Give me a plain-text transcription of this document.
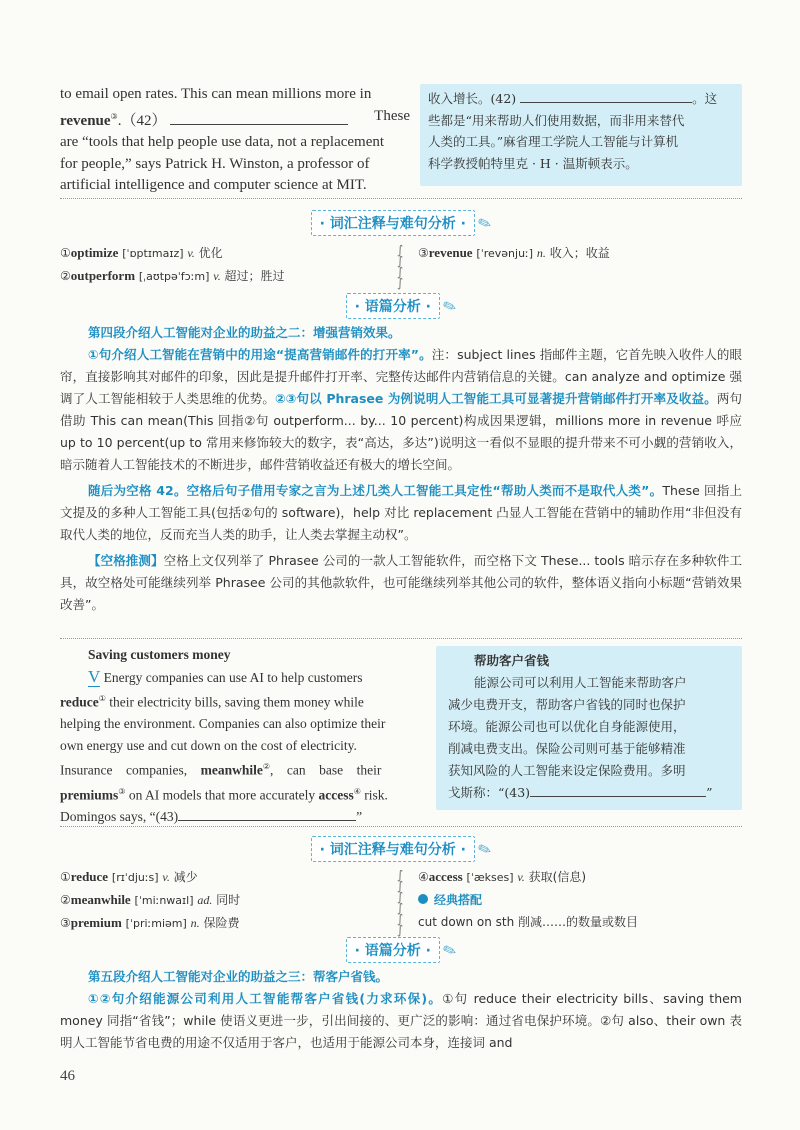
to email open rates. This can mean millions more in
revenue③.（42）	These
are “tools that help people use data, not a replacement
for people,” says Patrick H. Winston, a professor of
artificial intelligence and computer science at MIT.
收入增长。(42)	。这
些都是“用来帮助人们使用数据，而非用来替代
人类的工具。”麻省理工学院人工智能与计算机
科学教授帕特里克 · H · 温斯顿表示。
· 词汇注释与难句分析 · ✎
①optimize [ˈɒptɪmaɪz] v. 优化
②outperform [ˌaʊtpəˈfɔːm] v. 超过；胜过
∫
∫
∫
∫
③revenue [ˈrevənjuː] n. 收入；收益
· 语篇分析 · ✎
第四段介绍人工智能对企业的助益之二：增强营销效果。
①句介绍人工智能在营销中的用途“提高营销邮件的打开率”。注：subject lines 指邮件主题，它首先映入收件人的眼帘，直接影响其对邮件的印象，因此是提升邮件打开率、完整传达邮件内营销信息的关键。can analyze and optimize 强调了人工智能相较于人类思维的优势。②③句以 Phrasee 为例说明人工智能工具可显著提升营销邮件打开率及收益。两句借助 This can mean(This 回指②句 outperform... by... 10 percent)构成因果逻辑，millions more in revenue 呼应 up to 10 percent(up to 常用来修饰较大的数字，表“高达，多达”)说明这一看似不显眼的提升带来不可小觑的营销收入，暗示随着人工智能技术的不断进步，邮件营销收益还有极大的增长空间。
随后为空格 42。空格后句子借用专家之言为上述几类人工智能工具定性“帮助人类而不是取代人类”。These 回指上文提及的多种人工智能工具(包括②句的 software)，help 对比 replacement 凸显人工智能在营销中的辅助作用“非但没有取代人类的地位，反而充当人类的助手，让人类去掌握主动权”。
【空格推测】空格上文仅列举了 Phrasee 公司的一款人工智能软件，而空格下文 These... tools 暗示存在多种软件工具，故空格处可能继续列举 Phrasee 公司的其他款软件，也可能继续列举其他公司的软件，整体语义指向小标题“营销效果改善”。
Saving customers money
V Energy companies can use AI to help customers
reduce① their electricity bills, saving them money while
helping the environment. Companies can also optimize their
own energy use and cut down on the cost of electricity.
Insurance    companies,    meanwhile②,    can    base    their
premiums③ on AI models that more accurately access④ risk.
Domingos says, “(43)	”
帮助客户省钱
能源公司可以利用人工智能来帮助客户
减少电费开支，帮助客户省钱的同时也保护
环境。能源公司也可以优化自身能源使用，
削减电费支出。保险公司则可基于能够精准
获知风险的人工智能来设定保险费用。多明
戈斯称：“(43)	”
· 词汇注释与难句分析 · ✎
①reduce [rɪˈdjuːs] v. 减少
②meanwhile [ˈmiːnwaɪl] ad. 同时
③premium [ˈpriːmiəm] n. 保险费
∫
∫
∫
∫
∫
∫
④access [ˈækses] v. 获取(信息)
经典搭配
cut down on sth 削减……的数量或数目
· 语篇分析 · ✎
第五段介绍人工智能对企业的助益之三：帮客户省钱。
①②句介绍能源公司利用人工智能帮客户省钱(力求环保)。①句 reduce their electricity bills、saving them money 同指“省钱”；while 使语义更进一步，引出间接的、更广泛的影响：通过省电保护环境。②句 also、their own 表明人工智能节省电费的用途不仅适用于客户，也适用于能源公司本身，连接词 and
46
